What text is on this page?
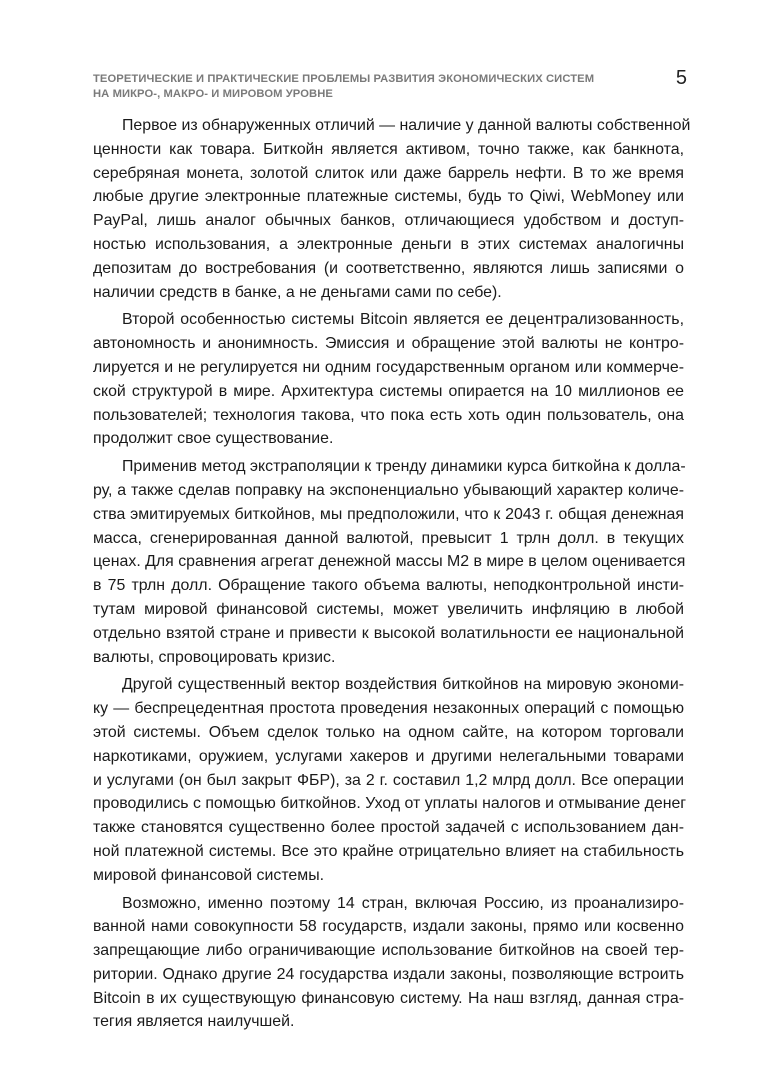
ТЕОРЕТИЧЕСКИЕ И ПРАКТИЧЕСКИЕ ПРОБЛЕМЫ РАЗВИТИЯ ЭКОНОМИЧЕСКИХ СИСТЕМ
НА МИКРО-, МАКРО- И МИРОВОМ УРОВНЕ
5
Первое из обнаруженных отличий — наличие у данной валюты собственной
ценности как товара. Биткойн является активом, точно также, как банкнота,
серебряная монета, золотой слиток или даже баррель нефти. В то же время
любые другие электронные платежные системы, будь то Qiwi, WebMoney или
PayPal, лишь аналог обычных банков, отличающиеся удобством и доступ-
ностью использования, а электронные деньги в этих системах аналогичны
депозитам до востребования (и соответственно, являются лишь записями о
наличии средств в банке, а не деньгами сами по себе).
Второй особенностью системы Bitcoin является ее децентрализованность,
автономность и анонимность. Эмиссия и обращение этой валюты не контро-
лируется и не регулируется ни одним государственным органом или коммерче-
ской структурой в мире. Архитектура системы опирается на 10 миллионов ее
пользователей; технология такова, что пока есть хоть один пользователь, она
продолжит свое существование.
Применив метод экстраполяции к тренду динамики курса биткойна к долла-
ру, а также сделав поправку на экспоненциально убывающий характер количе-
ства эмитируемых биткойнов, мы предположили, что к 2043 г. общая денежная
масса, сгенерированная данной валютой, превысит 1 трлн долл. в текущих
ценах. Для сравнения агрегат денежной массы М2 в мире в целом оценивается
в 75 трлн долл. Обращение такого объема валюты, неподконтрольной инсти-
тутам мировой финансовой системы, может увеличить инфляцию в любой
отдельно взятой стране и привести к высокой волатильности ее национальной
валюты, спровоцировать кризис.
Другой существенный вектор воздействия биткойнов на мировую экономи-
ку — беспрецедентная простота проведения незаконных операций с помощью
этой системы. Объем сделок только на одном сайте, на котором торговали
наркотиками, оружием, услугами хакеров и другими нелегальными товарами
и услугами (он был закрыт ФБР), за 2 г. составил 1,2 млрд долл. Все операции
проводились с помощью биткойнов. Уход от уплаты налогов и отмывание денег
также становятся существенно более простой задачей с использованием дан-
ной платежной системы. Все это крайне отрицательно влияет на стабильность
мировой финансовой системы.
Возможно, именно поэтому 14 стран, включая Россию, из проанализиро-
ванной нами совокупности 58 государств, издали законы, прямо или косвенно
запрещающие либо ограничивающие использование биткойнов на своей тер-
ритории. Однако другие 24 государства издали законы, позволяющие встроить
Bitcoin в их существующую финансовую систему. На наш взгляд, данная стра-
тегия является наилучшей.
